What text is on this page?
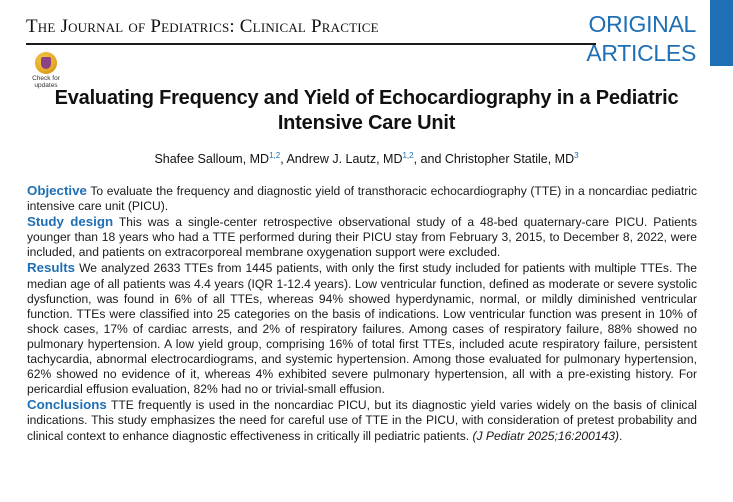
The Journal of Pediatrics: Clinical Practice	ORIGINAL
ARTICLES
Check for
updates
Evaluating Frequency and Yield of Echocardiography in a Pediatric Intensive Care Unit
Shafee Salloum, MD$^{1,2}$, Andrew J. Lautz, MD$^{1,2}$, and Christopher Statile, $MD^3$

Objective To evaluate the frequency and diagnostic yield of transthoracic echocardiography (TTE) in a noncardiac pediatric intensive care unit (PICU).

Study design This was a single-center retrospective observational study of a 48-bed quaternary-care PICU. Patients younger than 18 years who had a TTE performed during their PICU stay from February 3, 2015, to December 8, 2022, were included, and patients on extracorporeal membrane oxygenation support were excluded.

Results We analyzed 2633 TTEs from 1445 patients, with only the first study included for patients with multiple TTEs. The median age of all patients was 4.4 years (IQR 1-12.4 years). Low ventricular function, defined as moderate or severe systolic dysfunction, was found in 6% of all TTEs, whereas 94% showed hyperdynamic, normal, or mildly diminished ventricular function. TTEs were classified into 25 categories on the basis of indications. Low ventricular function was present in 10% of shock cases, 17% of cardiac arrests, and 2% of respiratory failures. Among cases of respiratory failure, 88% showed no pulmonary hypertension. A low yield group, comprising 16% of total first TTEs, included acute respiratory failure, persistent tachycardia, abnormal electrocardiograms, and systemic hypertension. Among those evaluated for pulmonary hypertension, 62% showed no evidence of it, whereas 4% exhibited severe pulmonary hypertension, all with a pre-existing history. For pericardial effusion evaluation, 82% had no or trivial-small effusion.

Conclusions TTE frequently is used in the noncardiac PICU, but its diagnostic yield varies widely on the basis of clinical indications. This study emphasizes the need for careful use of TTE in the PICU, with consideration of pretest probability and clinical context to enhance diagnostic effectiveness in critically ill pediatric patients. (J Pediatr 2025;16:200143).
